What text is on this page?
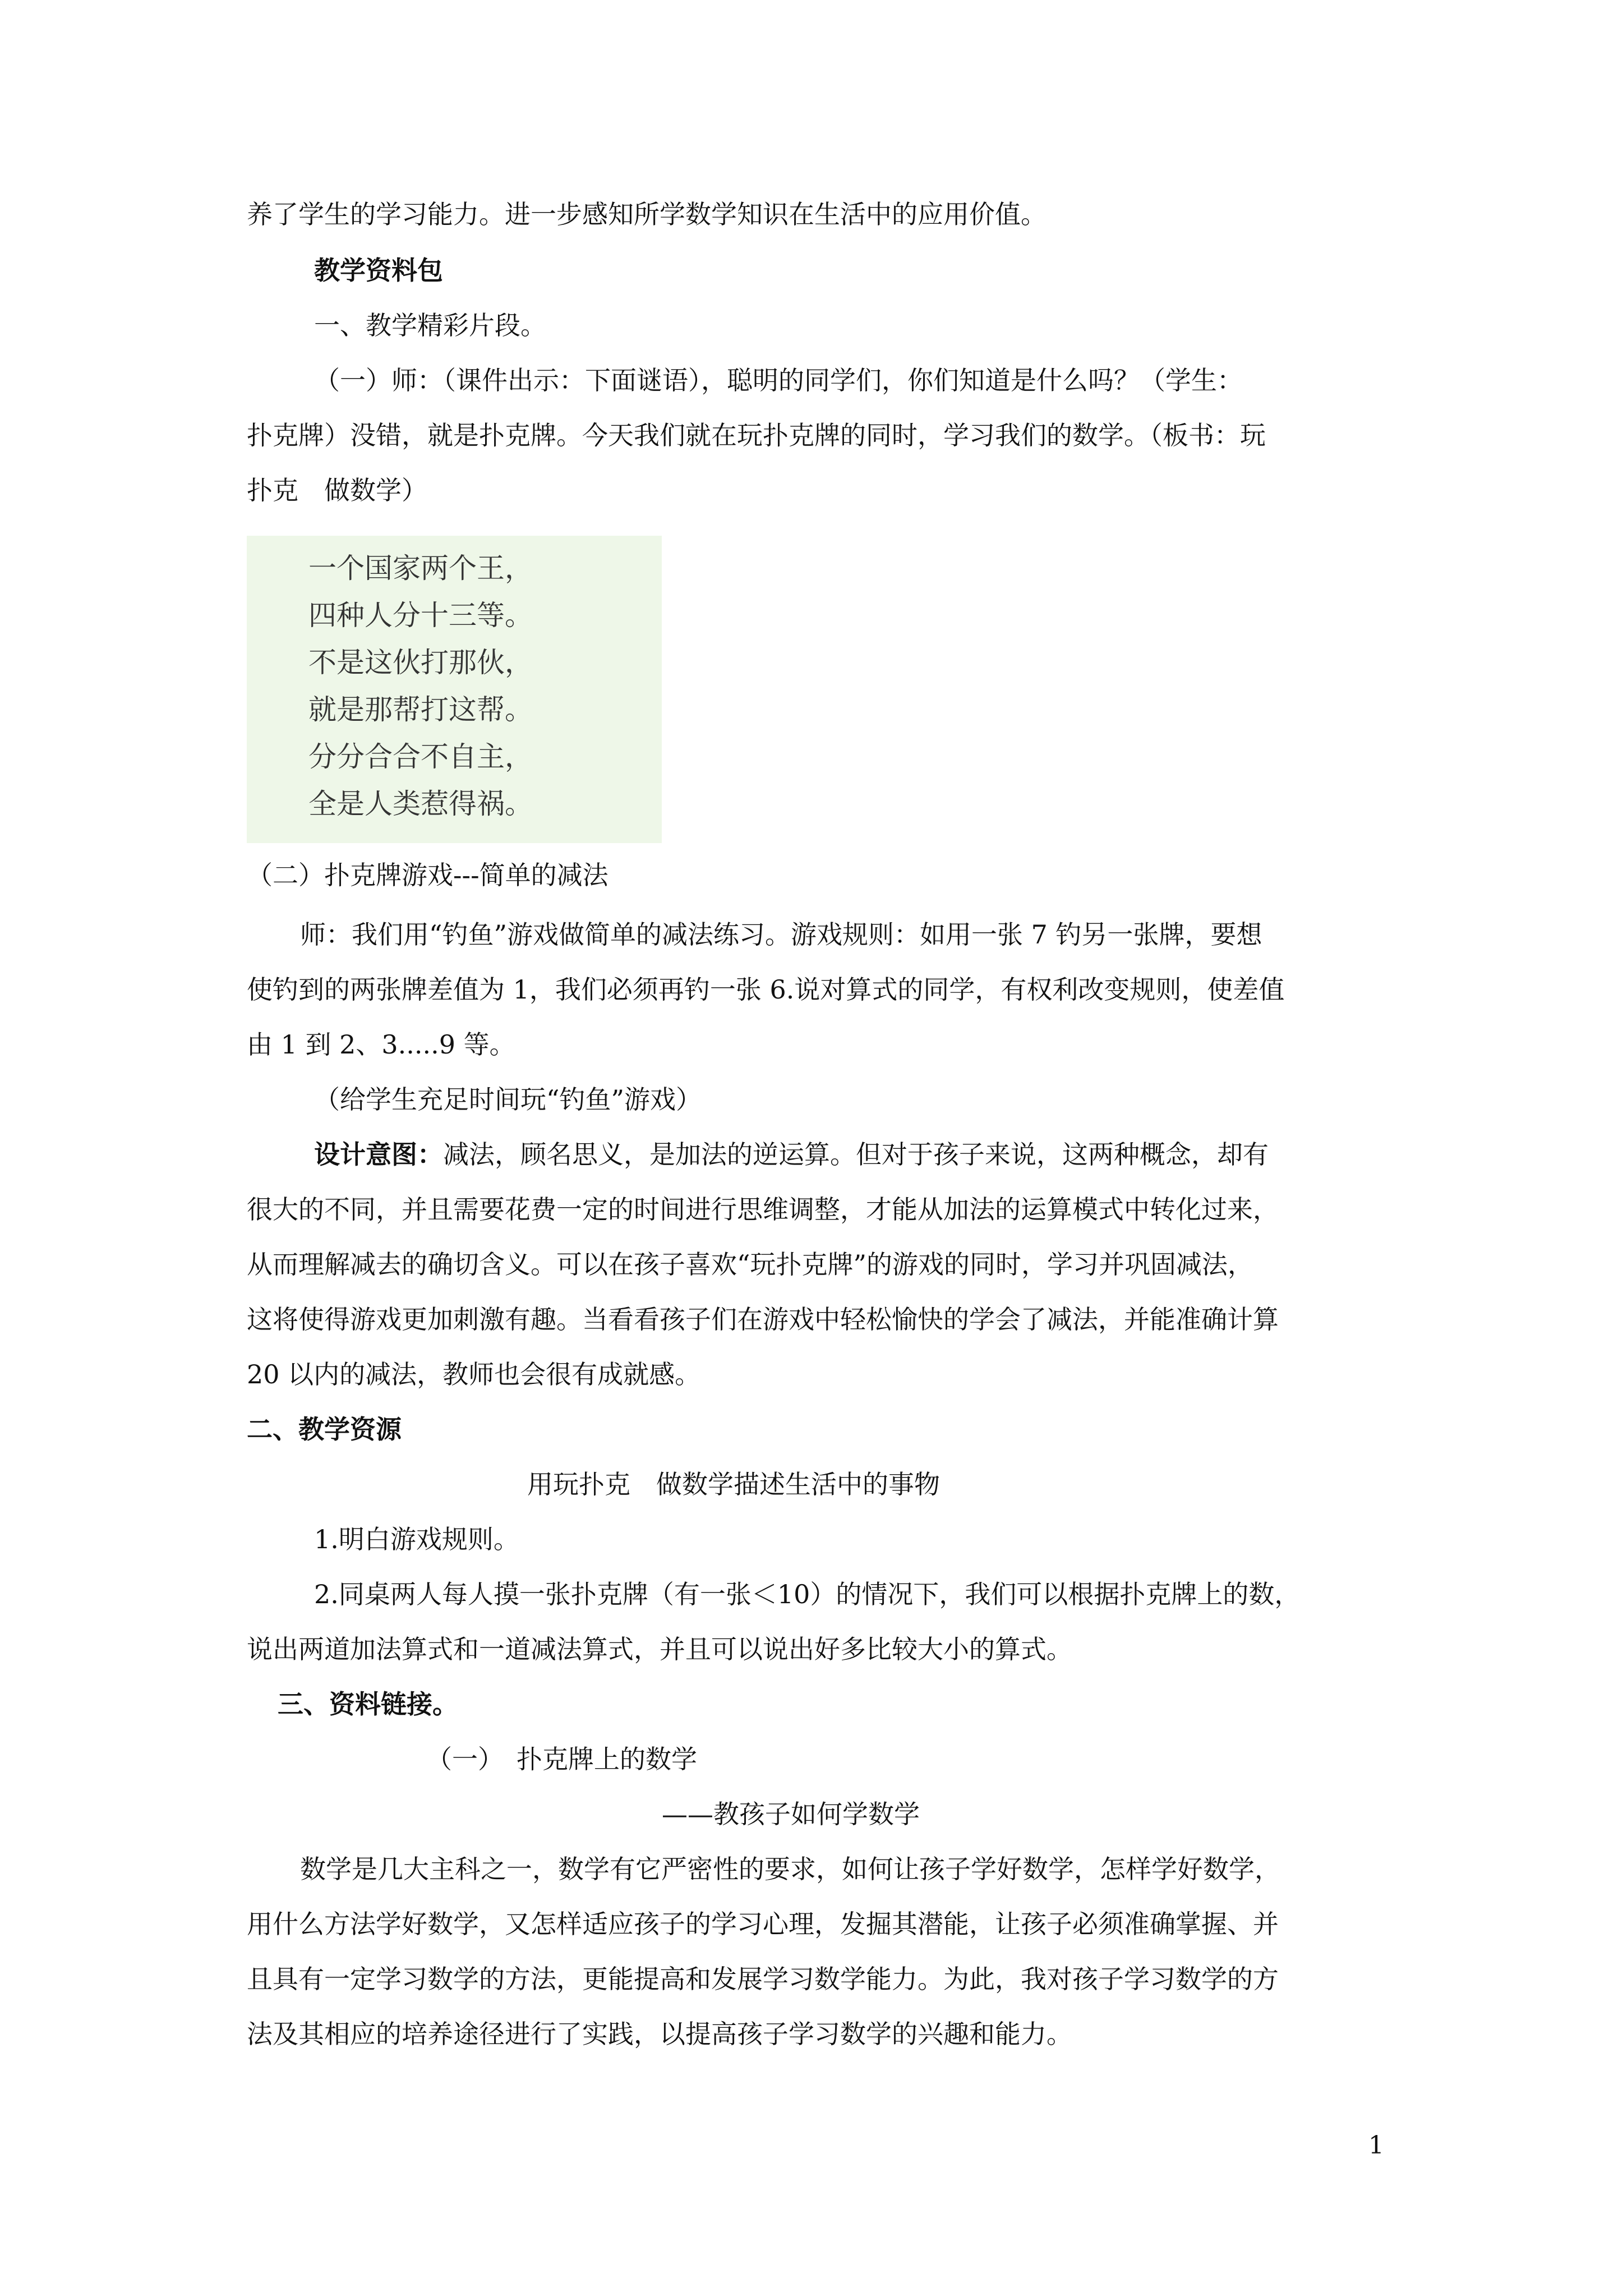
养了学生的学习能力。进一步感知所学数学知识在生活中的应用价值。
教学资料包
一、教学精彩片段。
（一）师：（课件出示：下面谜语），聪明的同学们，你们知道是什么吗？（学生：
扑克牌）没错，就是扑克牌。今天我们就在玩扑克牌的同时，学习我们的数学。（板书：玩
扑克　做数学）
一个国家两个王，
四种人分十三等。
不是这伙打那伙，
就是那帮打这帮。
分分合合不自主，
全是人类惹得祸。
（二）扑克牌游戏---简单的减法
师：我们用“钓鱼”游戏做简单的减法练习。游戏规则：如用一张 7 钓另一张牌，要想
使钓到的两张牌差值为 1，我们必须再钓一张 6.说对算式的同学，有权利改变规则，使差值
由 1 到 2、3.....9 等。
（给学生充足时间玩“钓鱼”游戏）
设计意图：减法，顾名思义，是加法的逆运算。但对于孩子来说，这两种概念，却有
很大的不同，并且需要花费一定的时间进行思维调整，才能从加法的运算模式中转化过来，
从而理解减去的确切含义。可以在孩子喜欢“玩扑克牌”的游戏的同时，学习并巩固减法，
这将使得游戏更加刺激有趣。当看看孩子们在游戏中轻松愉快的学会了减法，并能准确计算
20 以内的减法，教师也会很有成就感。
二、教学资源
用玩扑克　做数学描述生活中的事物
1.明白游戏规则。
2.同桌两人每人摸一张扑克牌（有一张＜10）的情况下，我们可以根据扑克牌上的数，
说出两道加法算式和一道减法算式，并且可以说出好多比较大小的算式。
三、资料链接。
（一）　扑克牌上的数学
——教孩子如何学数学
数学是几大主科之一，数学有它严密性的要求，如何让孩子学好数学，怎样学好数学，
用什么方法学好数学，又怎样适应孩子的学习心理，发掘其潜能，让孩子必须准确掌握、并
且具有一定学习数学的方法，更能提高和发展学习数学能力。为此，我对孩子学习数学的方
法及其相应的培养途径进行了实践，以提高孩子学习数学的兴趣和能力。
1
